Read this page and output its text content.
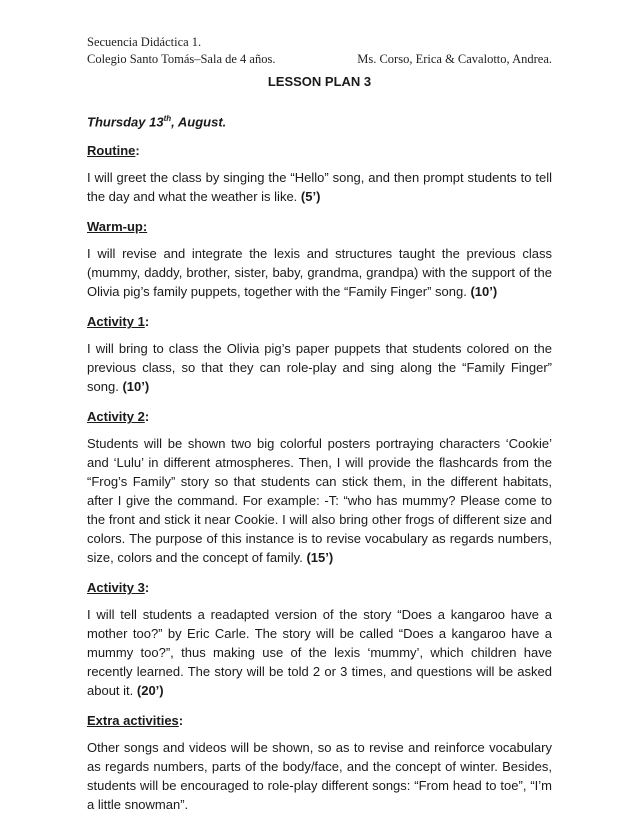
Secuencia Didáctica 1.
Colegio Santo Tomás–Sala de 4 años.	Ms. Corso, Erica & Cavalotto, Andrea.
LESSON PLAN 3
Thursday 13th, August.
Routine:

I will greet the class by singing the “Hello” song, and then prompt students to tell the day and what the weather is like. (5’)

Warm-up:

I will revise and integrate the lexis and structures taught the previous class (mummy, daddy, brother, sister, baby, grandma, grandpa) with the support of the Olivia pig’s family puppets, together with the “Family Finger” song. (10’)

Activity 1:

I will bring to class the Olivia pig’s paper puppets that students colored on the previous class, so that they can role-play and sing along the “Family Finger” song. (10’)

Activity 2:

Students will be shown two big colorful posters portraying characters ‘Cookie’ and ‘Lulu’ in different atmospheres. Then, I will provide the flashcards from the “Frog’s Family” story so that students can stick them, in the different habitats, after I give the command. For example: -T: “who has mummy? Please come to the front and stick it near Cookie. I will also bring other frogs of different size and colors. The purpose of this instance is to revise vocabulary as regards numbers, size, colors and the concept of family. (15’)

Activity 3:

I will tell students a readapted version of the story “Does a kangaroo have a mother too?” by Eric Carle. The story will be called “Does a kangaroo have a mummy too?”, thus making use of the lexis ‘mummy’, which children have recently learned. The story will be told 2 or 3 times, and questions will be asked about it. (20’)

Extra activities:

Other songs and videos will be shown, so as to revise and reinforce vocabulary as regards numbers, parts of the body/face, and the concept of winter. Besides, students will be encouraged to role-play different songs: “From head to toe”, “I’m a little snowman”.
